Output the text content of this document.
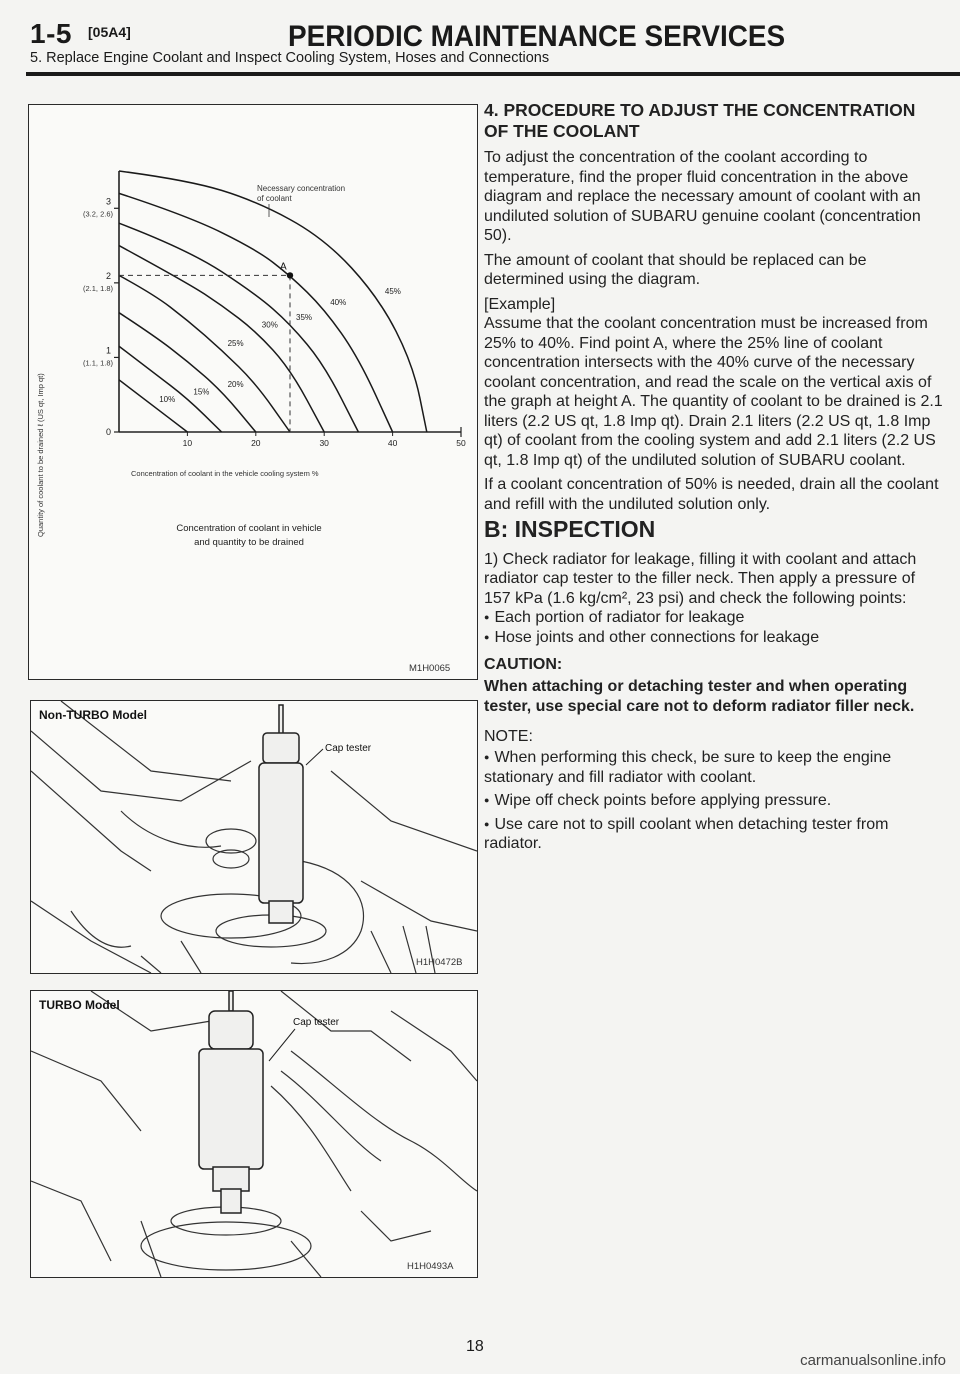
1-5 [05A4]	PERIODIC MAINTENANCE SERVICES
5. Replace Engine Coolant and Inspect Cooling System, Hoses and Connections
Quantity of coolant to be drained ℓ (US qt, Imp qt)	0
1
(1.1, 1.8)
2
(2.1, 1.8)
3
(3.2, 2.6)
10	20	30	40	50
45%
40%
35%
30%
25%
20%
15%
10%
A
Necessary concentration
of coolant
Concentration of coolant in the vehicle cooling system %
Concentration of coolant in vehicle
and quantity to be drained
M1H0065
Non-TURBO Model
Cap tester
H1H0472B
TURBO Model
Cap tester
H1H0493A
4. PROCEDURE TO ADJUST THE CONCENTRATION OF THE COOLANT

To adjust the concentration of the coolant according to temperature, find the proper fluid concentration in the above diagram and replace the necessary amount of coolant with an undiluted solution of SUBARU genuine coolant (concentration 50).

The amount of coolant that should be replaced can be determined using the diagram.

[Example]

Assume that the coolant concentration must be increased from 25% to 40%. Find point A, where the 25% line of coolant concentration intersects with the 40% curve of the necessary coolant concentration, and read the scale on the vertical axis of the graph at height A. The quantity of coolant to be drained is 2.1 liters (2.2 US qt, 1.8 Imp qt). Drain 2.1 liters (2.2 US qt, 1.8 Imp qt) of coolant from the cooling system and add 2.1 liters (2.2 US qt, 1.8 Imp qt) of the undiluted solution of SUBARU coolant.

If a coolant concentration of 50% is needed, drain all the coolant and refill with the undiluted solution only.

B: INSPECTION

1) Check radiator for leakage, filling it with coolant and attach radiator cap tester to the filler neck. Then apply a pressure of 157 kPa (1.6 kg/cm², 23 psi) and check the following points:

● Each portion of radiator for leakage
● Hose joints and other connections for leakage
CAUTION:
When attaching or detaching tester and when operating tester, use special care not to deform radiator filler neck.
NOTE:
● When performing this check, be sure to keep the engine stationary and fill radiator with coolant.
● Wipe off check points before applying pressure.
● Use care not to spill coolant when detaching tester from radiator.
18
carmanualsonline.info
